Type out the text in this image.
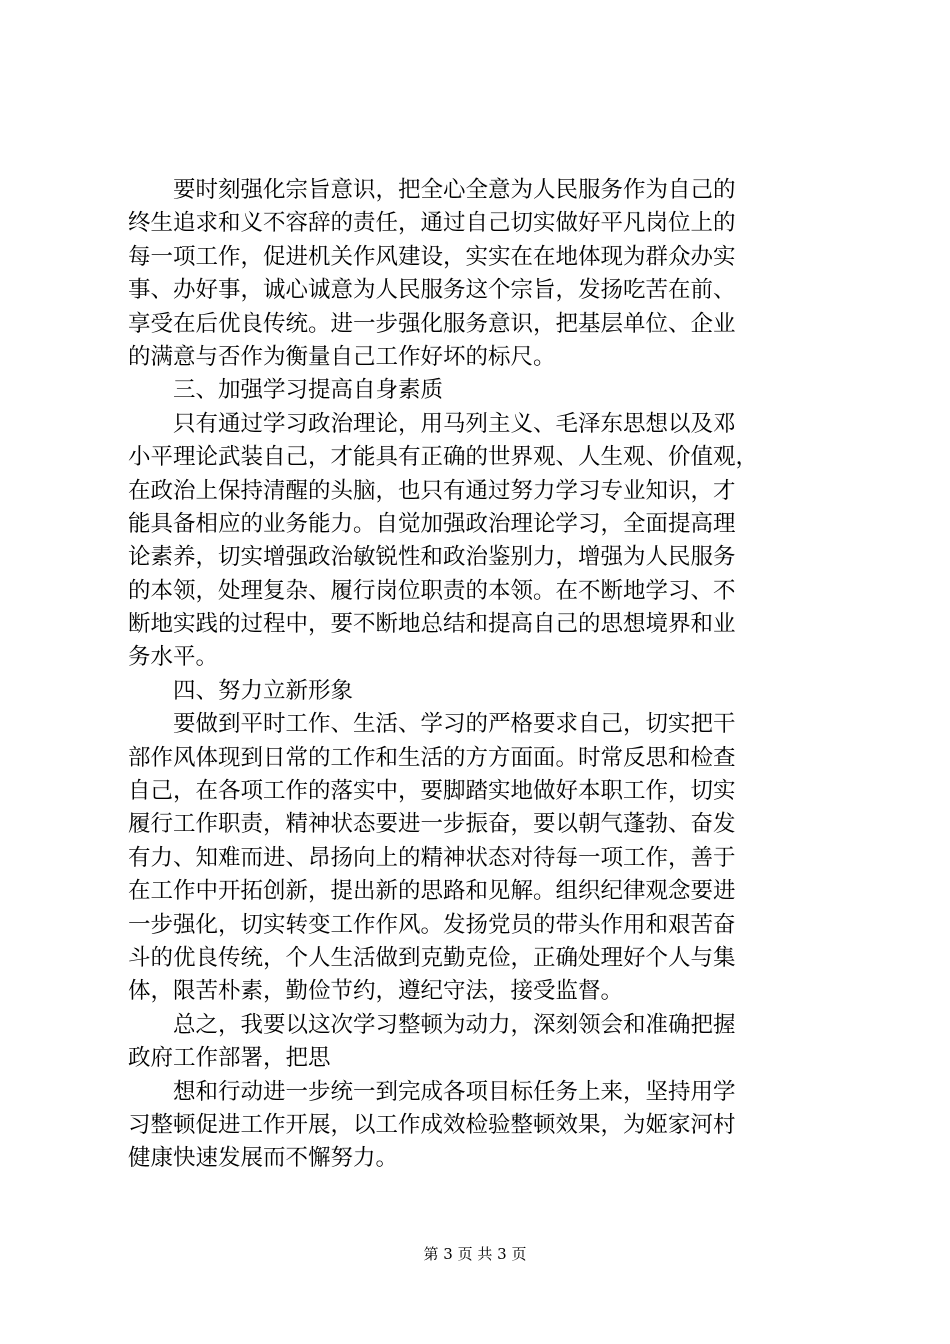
　　要时刻强化宗旨意识，把全心全意为人民服务作为自己的
终生追求和义不容辞的责任，通过自己切实做好平凡岗位上的
每一项工作，促进机关作风建设，实实在在地体现为群众办实
事、办好事，诚心诚意为人民服务这个宗旨，发扬吃苦在前、
享受在后优良传统。进一步强化服务意识，把基层单位、企业
的满意与否作为衡量自己工作好坏的标尺。
　　三、加强学习提高自身素质
　　只有通过学习政治理论，用马列主义、毛泽东思想以及邓
小平理论武装自己，才能具有正确的世界观、人生观、价值观，
在政治上保持清醒的头脑，也只有通过努力学习专业知识，才
能具备相应的业务能力。自觉加强政治理论学习，全面提高理
论素养，切实增强政治敏锐性和政治鉴别力，增强为人民服务
的本领，处理复杂、履行岗位职责的本领。在不断地学习、不
断地实践的过程中，要不断地总结和提高自己的思想境界和业
务水平。
　　四、努力立新形象
　　要做到平时工作、生活、学习的严格要求自己，切实把干
部作风体现到日常的工作和生活的方方面面。时常反思和检查
自己，在各项工作的落实中，要脚踏实地做好本职工作，切实
履行工作职责，精神状态要进一步振奋，要以朝气蓬勃、奋发
有力、知难而进、昂扬向上的精神状态对待每一项工作，善于
在工作中开拓创新，提出新的思路和见解。组织纪律观念要进
一步强化，切实转变工作作风。发扬党员的带头作用和艰苦奋
斗的优良传统，个人生活做到克勤克俭，正确处理好个人与集
体，限苦朴素，勤俭节约，遵纪守法，接受监督。
　　总之，我要以这次学习整顿为动力，深刻领会和准确把握
政府工作部署，把思
　　想和行动进一步统一到完成各项目标任务上来，坚持用学
习整顿促进工作开展，以工作成效检验整顿效果，为姬家河村
健康快速发展而不懈努力。
第 3 页 共 3 页
